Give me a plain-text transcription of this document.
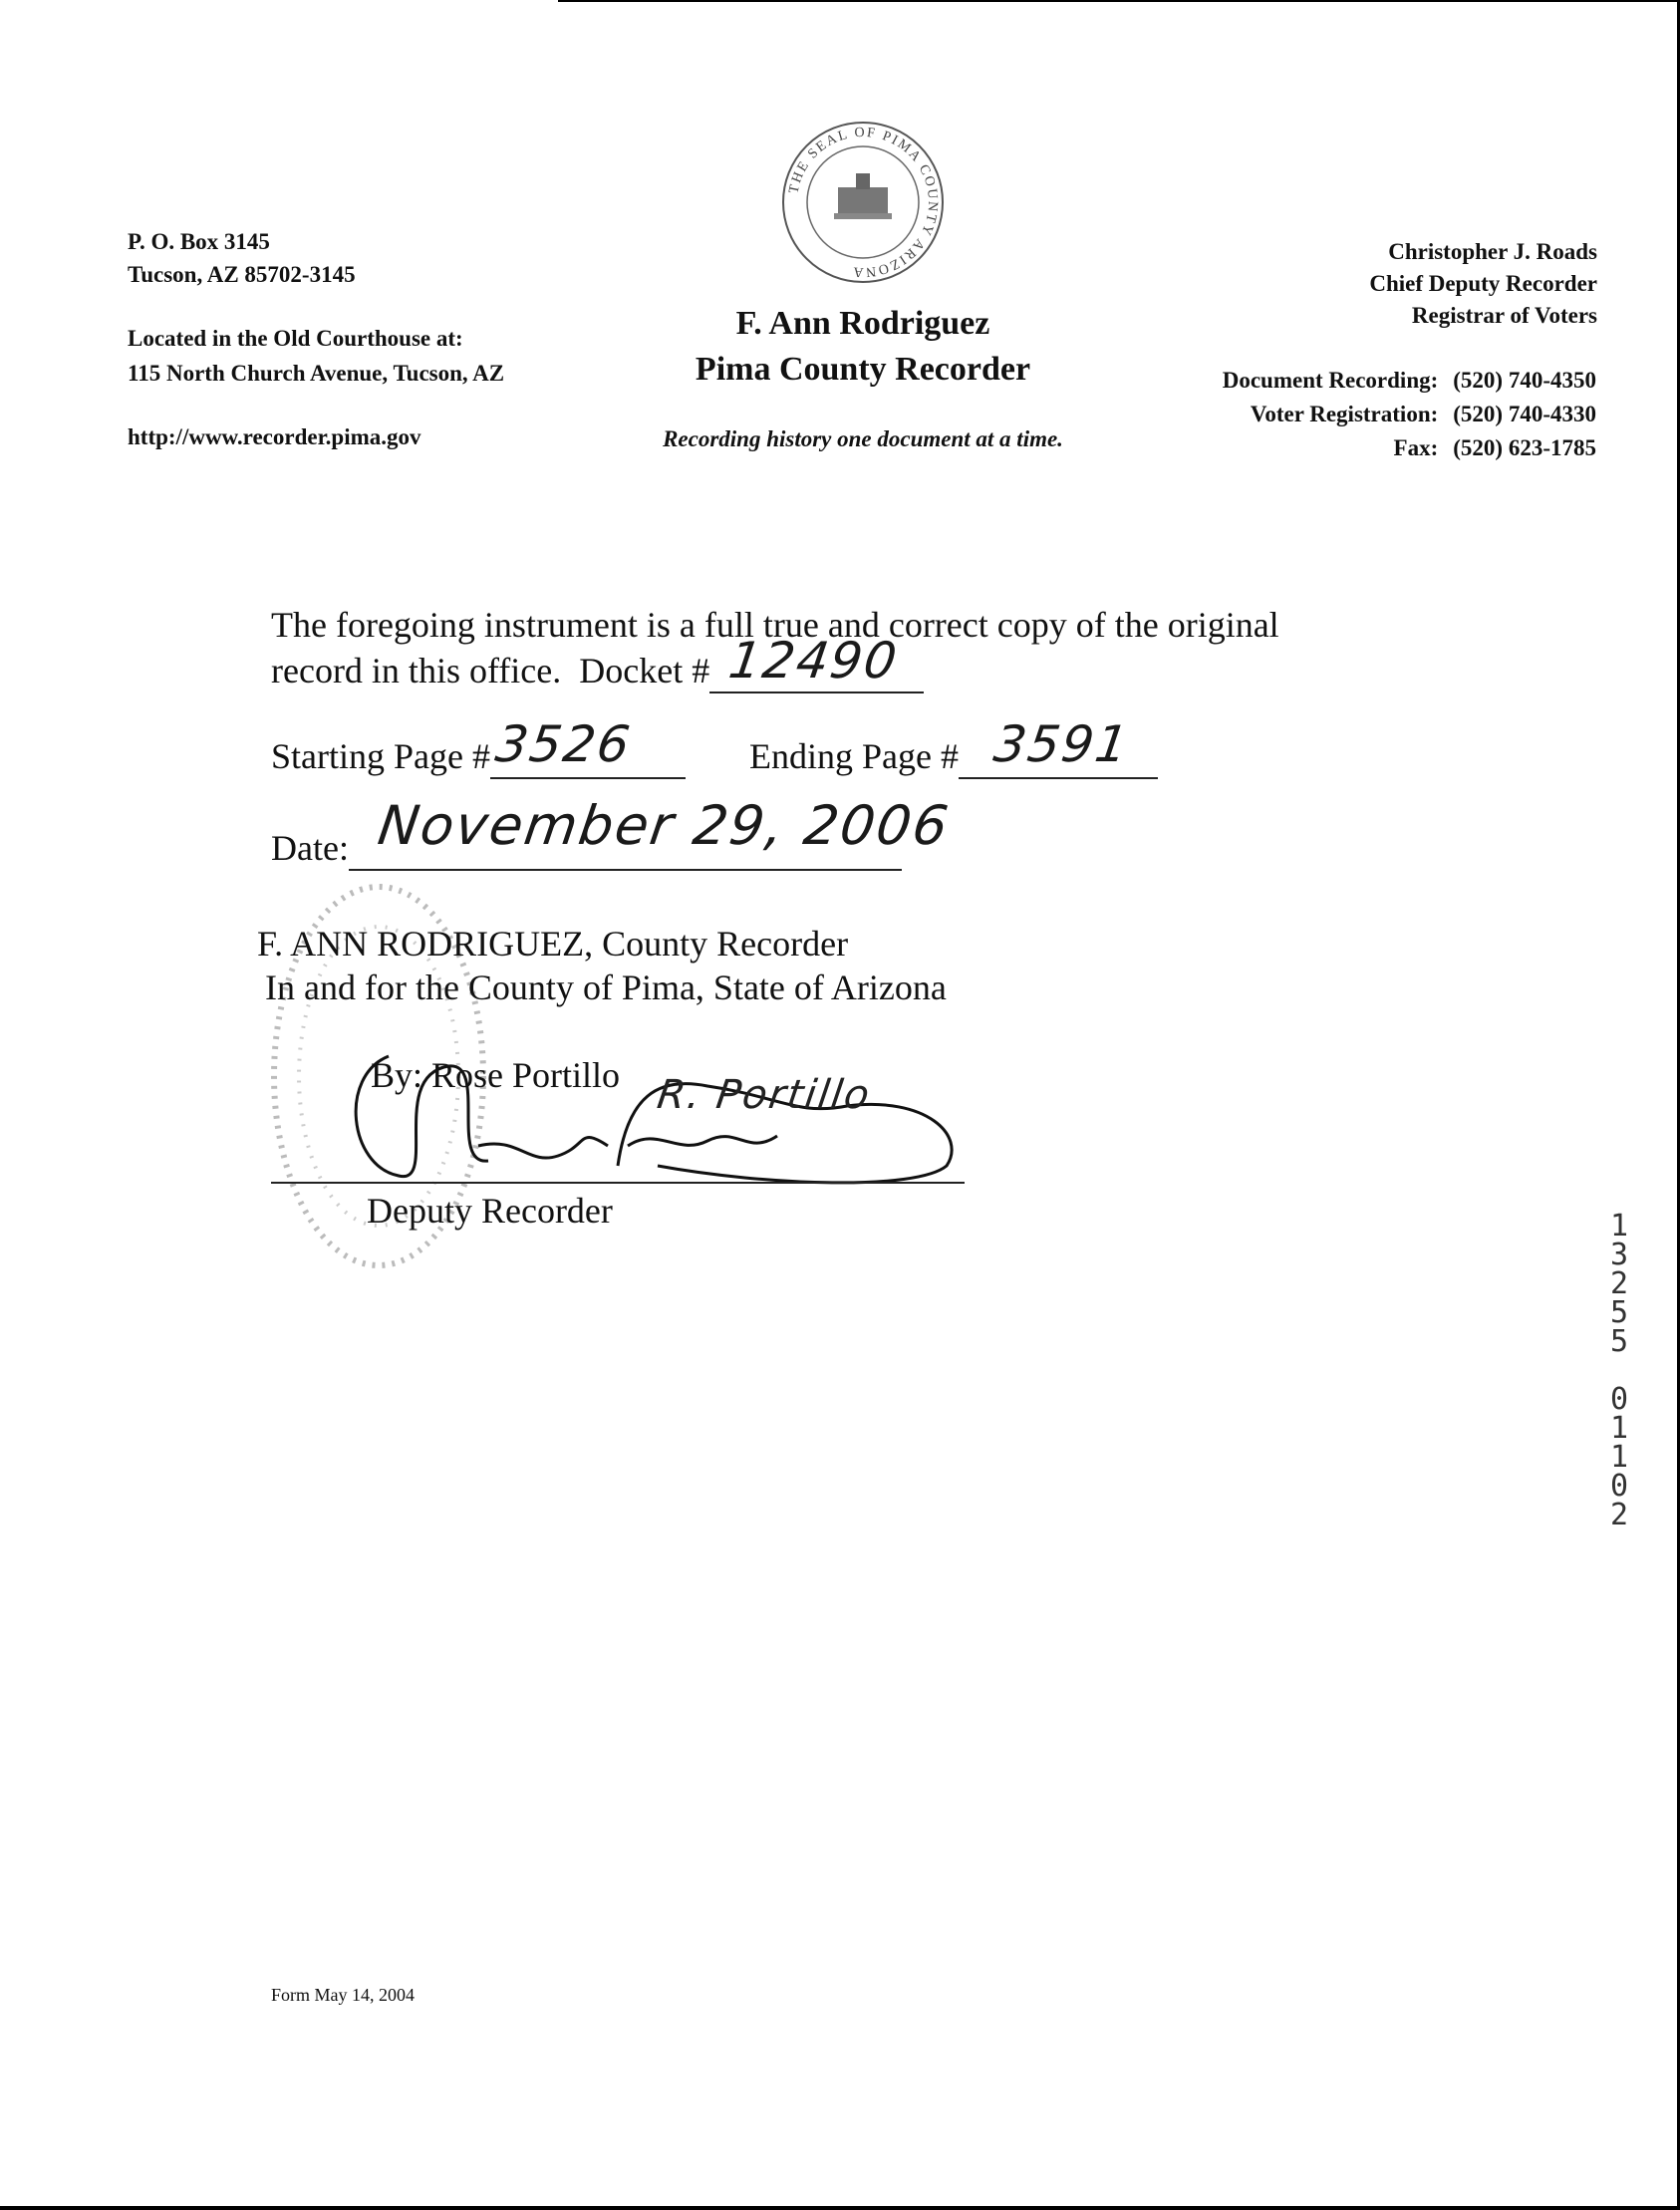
P. O. Box 3145
Tucson, AZ 85702-3145
Located in the Old Courthouse at:
115 North Church Avenue, Tucson, AZ
http://www.recorder.pima.gov
THE SEAL OF PIMA COUNTY ARIZONA
F. Ann Rodriguez
Pima County Recorder
Recording history one document at a time.
Christopher J. Roads
Chief Deputy Recorder
Registrar of Voters
Document Recording:	(520) 740-4350
Voter Registration:	(520) 740-4330
Fax:	(520) 623-1785
The foregoing instrument is a full true and correct copy of the original
record in this office.  Docket # 12490
Starting Page # 3526	Ending Page # 3591
Date: November 29, 2006
F. ANN RODRIGUEZ, County Recorder
In and for the County of Pima, State of Arizona
By: Rose Portillo R. Portillo
Deputy Recorder	1
3
2
5
5

0
1
1
0
2
Form May 14, 2004
